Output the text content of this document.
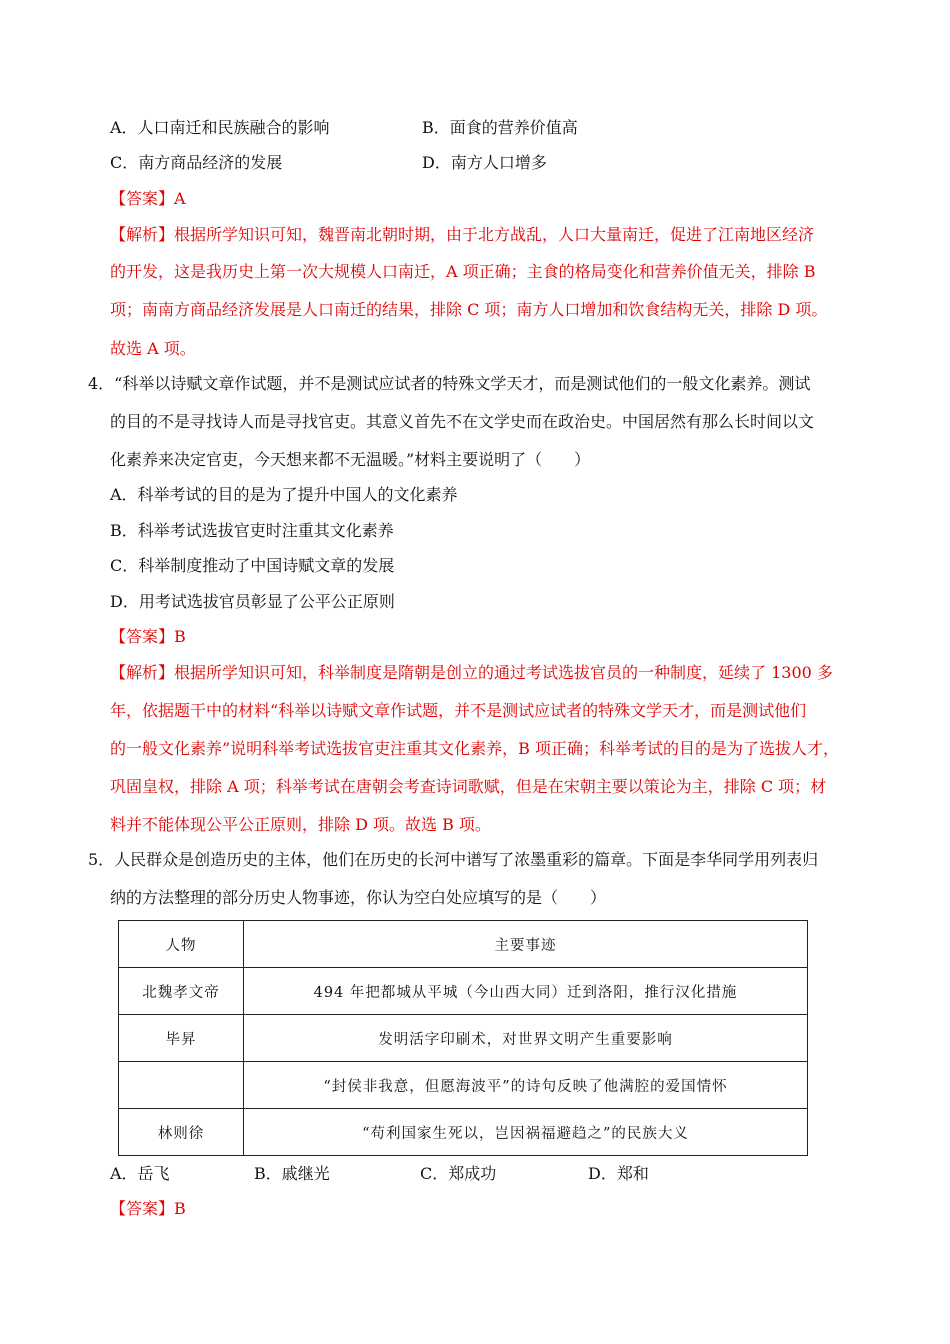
A．人口南迁和民族融合的影响	B．面食的营养价值高
C．南方商品经济的发展	D．南方人口增多
【答案】A
【解析】根据所学知识可知，魏晋南北朝时期，由于北方战乱，人口大量南迁，促进了江南地区经济
的开发，这是我历史上第一次大规模人口南迁，A 项正确；主食的格局变化和营养价值无关，排除 B
项；南南方商品经济发展是人口南迁的结果，排除 C 项；南方人口增加和饮食结构无关，排除 D 项。
故选 A 项。
4．“科举以诗赋文章作试题，并不是测试应试者的特殊文学天才，而是测试他们的一般文化素养。测试
的目的不是寻找诗人而是寻找官吏。其意义首先不在文学史而在政治史。中国居然有那么长时间以文
化素养来决定官吏，今天想来都不无温暖。”材料主要说明了（　　）
A．科举考试的目的是为了提升中国人的文化素养
B．科举考试选拔官吏时注重其文化素养
C．科举制度推动了中国诗赋文章的发展
D．用考试选拔官员彰显了公平公正原则
【答案】B
【解析】根据所学知识可知，科举制度是隋朝是创立的通过考试选拔官员的一种制度，延续了 1300 多
年，依据题干中的材料“科举以诗赋文章作试题，并不是测试应试者的特殊文学天才，而是测试他们
的一般文化素养”说明科举考试选拔官吏注重其文化素养，B 项正确；科举考试的目的是为了选拔人才，
巩固皇权，排除 A 项；科举考试在唐朝会考查诗词歌赋，但是在宋朝主要以策论为主，排除 C 项；材
料并不能体现公平公正原则，排除 D 项。故选 B 项。
5．人民群众是创造历史的主体，他们在历史的长河中谱写了浓墨重彩的篇章。下面是李华同学用列表归
纳的方法整理的部分历史人物事迹，你认为空白处应填写的是（　　）
人物	主要事迹
北魏孝文帝	494 年把都城从平城（今山西大同）迁到洛阳，推行汉化措施
毕昇	发明活字印刷术，对世界文明产生重要影响
	“封侯非我意，但愿海波平”的诗句反映了他满腔的爱国情怀
林则徐	“苟利国家生死以，岂因祸福避趋之”的民族大义
A．岳飞	B．戚继光	C．郑成功	D．郑和
【答案】B
